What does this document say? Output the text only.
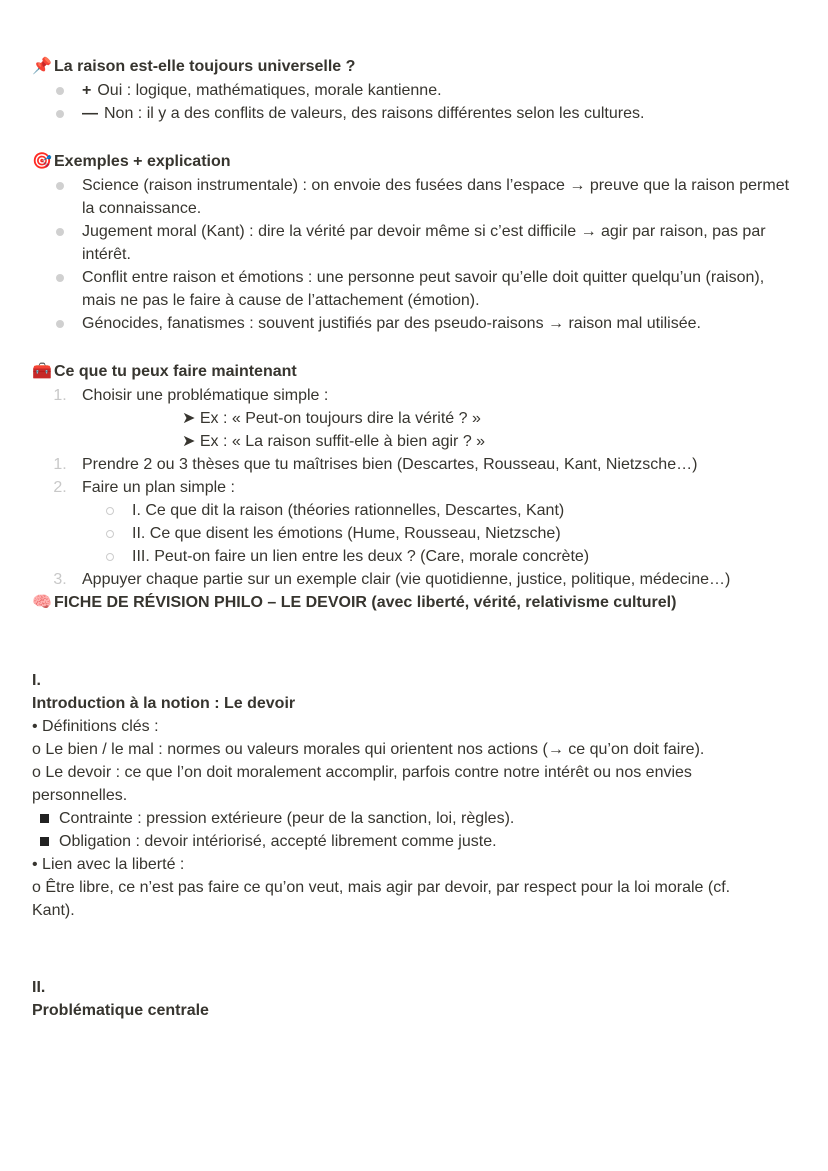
📌 La raison est-elle toujours universelle ?
+ Oui : logique, mathématiques, morale kantienne.
— Non : il y a des conflits de valeurs, des raisons différentes selon les cultures.
🎯 Exemples + explication
Science (raison instrumentale) : on envoie des fusées dans l’espace → preuve que la raison permet la connaissance.
Jugement moral (Kant) : dire la vérité par devoir même si c’est difficile → agir par raison, pas par intérêt.
Conflit entre raison et émotions : une personne peut savoir qu’elle doit quitter quelqu’un (raison), mais ne pas le faire à cause de l’attachement (émotion).
Génocides, fanatismes : souvent justifiés par des pseudo-raisons → raison mal utilisée.
🧰 Ce que tu peux faire maintenant
1. Choisir une problématique simple :
➤ Ex : « Peut-on toujours dire la vérité ? »
➤ Ex : « La raison suffit-elle à bien agir ? »
1. Prendre 2 ou 3 thèses que tu maîtrises bien (Descartes, Rousseau, Kant, Nietzsche…)
2. Faire un plan simple :
I. Ce que dit la raison (théories rationnelles, Descartes, Kant)
II. Ce que disent les émotions (Hume, Rousseau, Nietzsche)
III. Peut-on faire un lien entre les deux ? (Care, morale concrète)
3. Appuyer chaque partie sur un exemple clair (vie quotidienne, justice, politique, médecine…)
🧠 FICHE DE RÉVISION PHILO – LE DEVOIR (avec liberté, vérité, relativisme culturel)
I.
Introduction à la notion : Le devoir
• Définitions clés :
o Le bien / le mal : normes ou valeurs morales qui orientent nos actions (→ ce qu’on doit faire).
o Le devoir : ce que l’on doit moralement accomplir, parfois contre notre intérêt ou nos envies personnelles.
Contrainte : pression extérieure (peur de la sanction, loi, règles).
Obligation : devoir intériorisé, accepté librement comme juste.
• Lien avec la liberté :
o Être libre, ce n’est pas faire ce qu’on veut, mais agir par devoir, par respect pour la loi morale (cf. Kant).
II.
Problématique centrale
